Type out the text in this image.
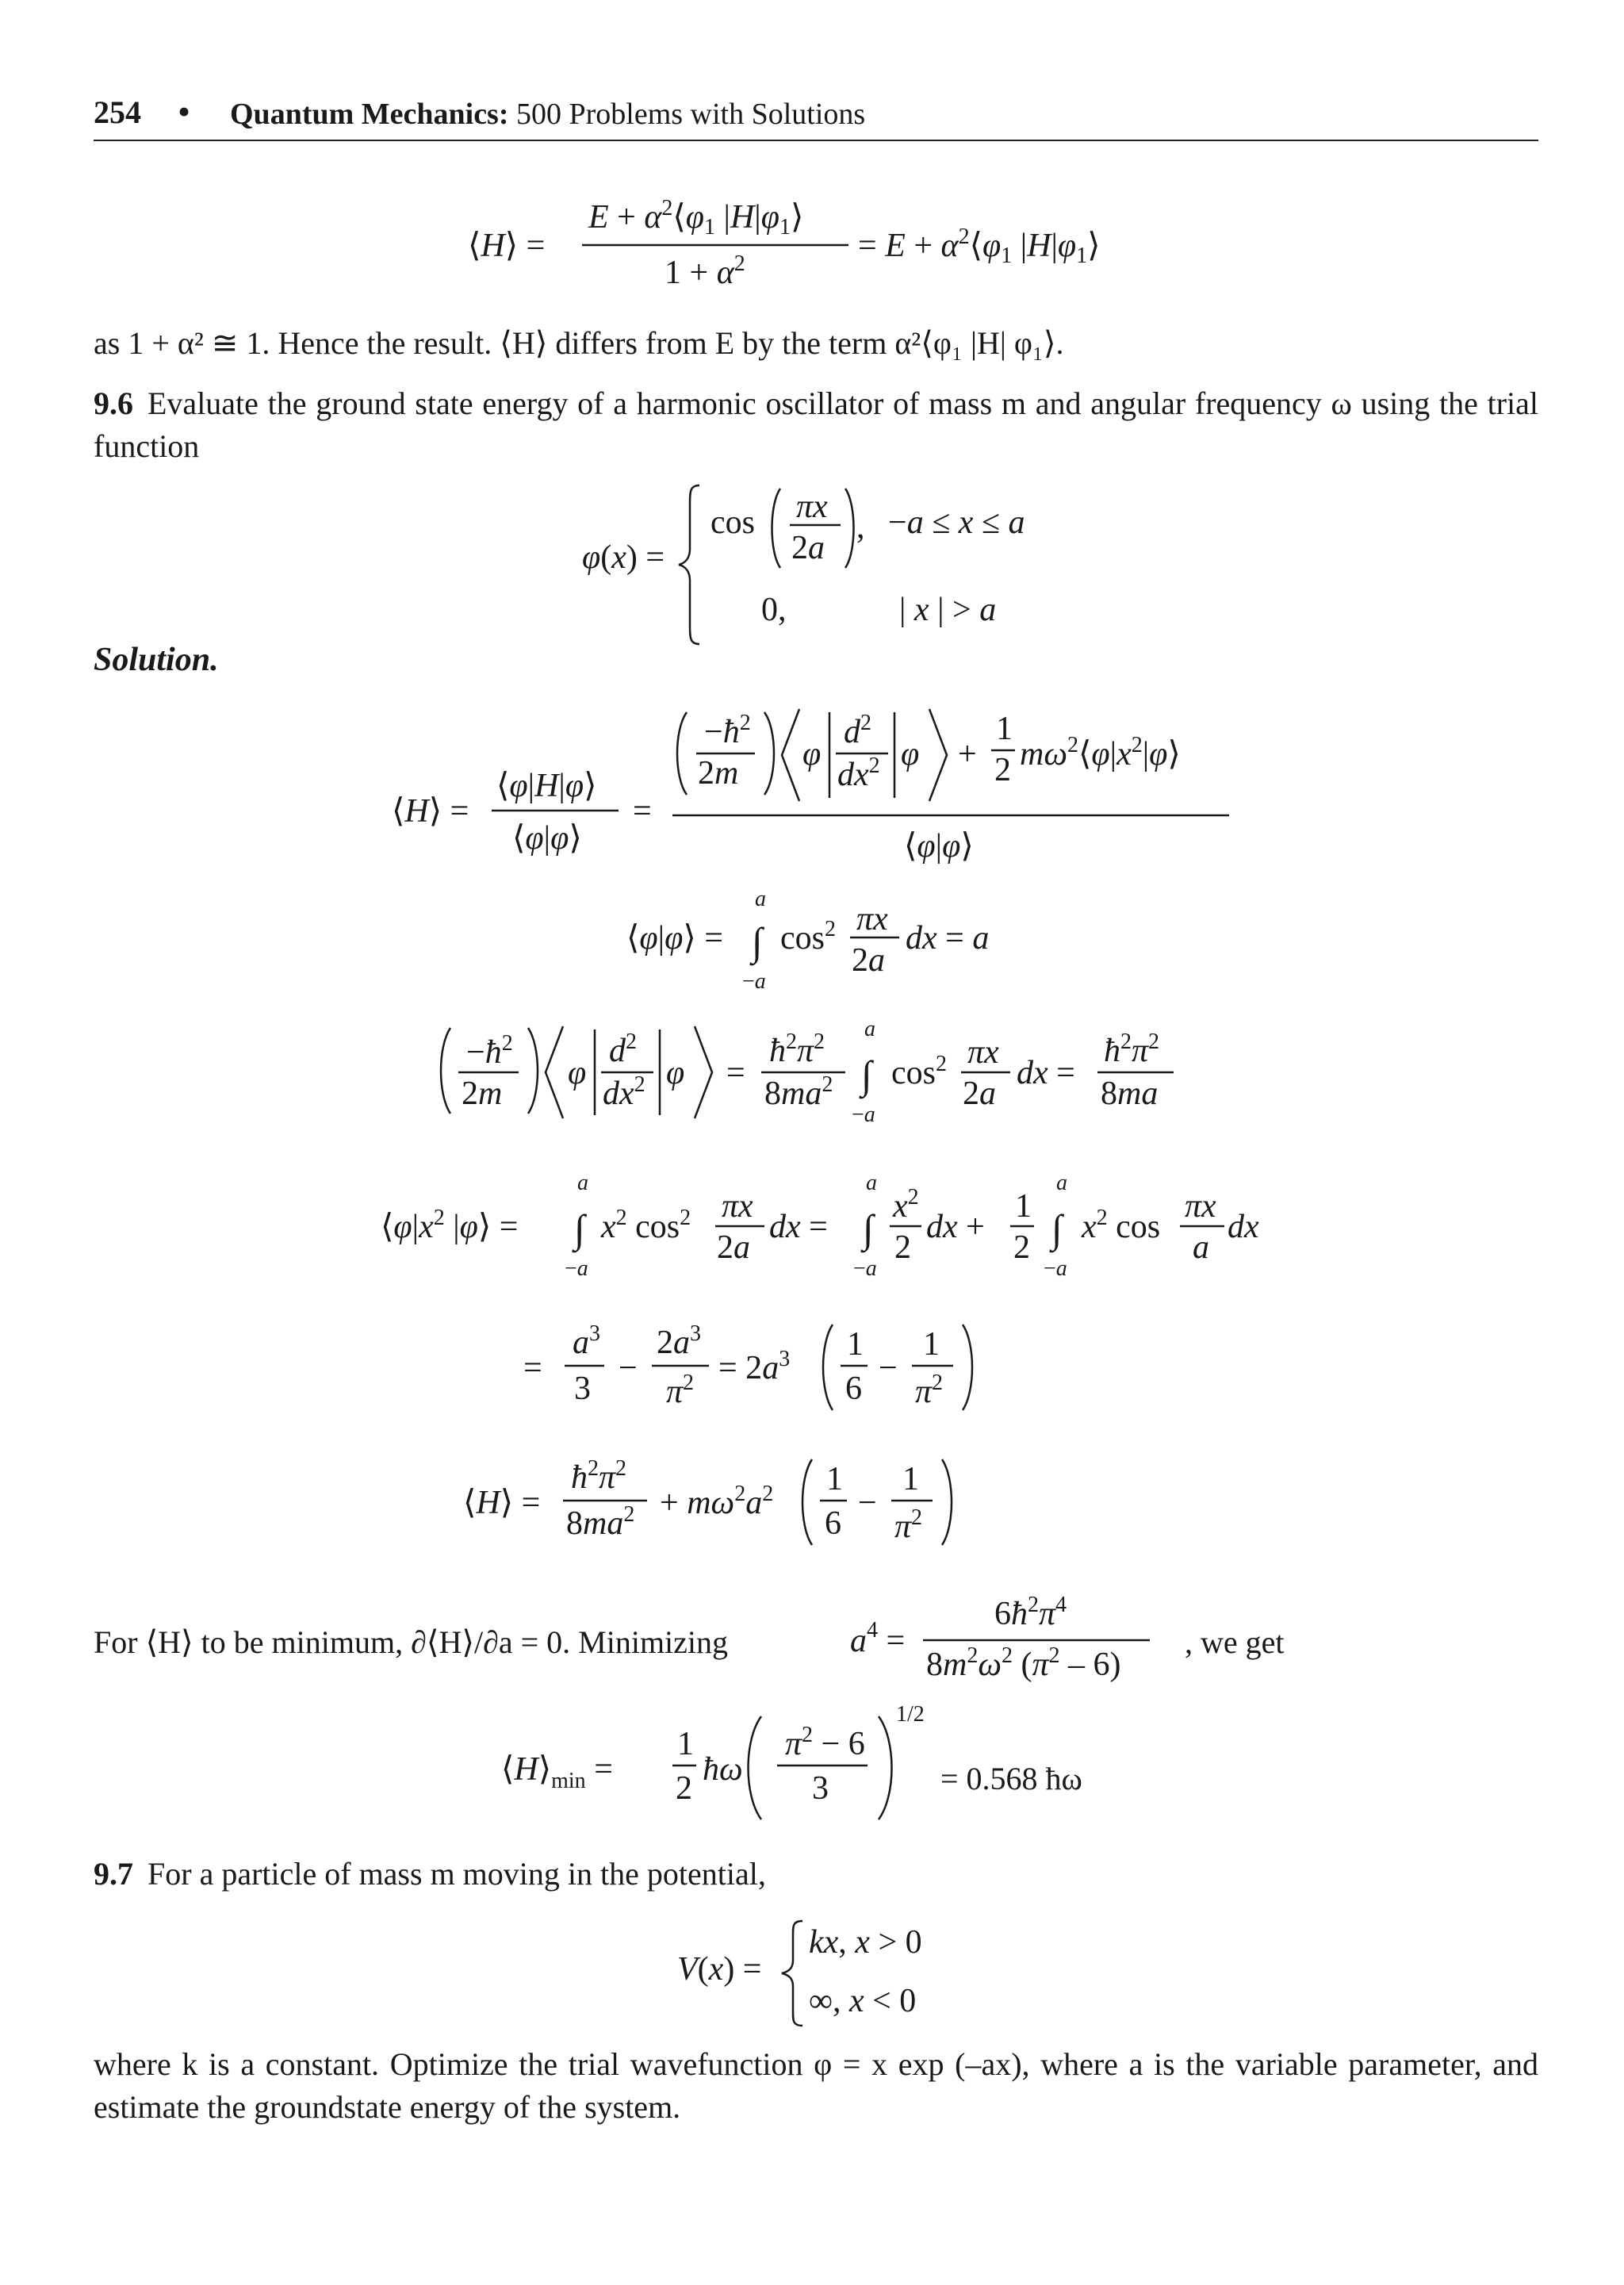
254 • Quantum Mechanics: 500 Problems with Solutions
⟨H⟩ =
$E + \alpha^2⟨\varphi 1$ |H|φ1⟩
$1 + \alpha^2$	= $E + \alpha^2⟨\varphi 1$ |H|φ1⟩

as 1 + α² ≅ 1. Hence the result. ⟨H⟩ differs from E by the term α²⟨φ₁ |H| φ₁⟩.

9.6 Evaluate the ground state energy of a harmonic oscillator of mass m and angular frequency ω using the trial function

φ(x) =
cos πx
2a
, −a ≤ x ≤ a
0,	| x | > a
Solution.
⟨H⟩ =
⟨φ|H|φ⟩
⟨φ|φ⟩
=
$-ħ^2$
2m
φ
$d^2$
$dx^2$ φ +
1
2 $m\omega^2⟨\varphi|x^2|\varphi⟩$
⟨φ|φ⟩
⟨φ|φ⟩ =
a
∫
−a
$\cos^2 \pi x$
2a
dx = a
$-ħ^2$
2m
φ
$d^2$
$dx^2$ φ =
$ħ^2\pi^2$
$8ma^2$
a
∫
−a
$\cos^2 \pi x$
2a
dx =
$ħ^2\pi^2$
8ma
$⟨\varphi|x^2$ |φ⟩ =
a
∫
−a
$x^2$ $\cos^2 \pi x$
2a
dx =
a
∫
−a
$x^2$
2
dx +
1
2
a
∫
−a
$x^2$ cos
πx
a
dx
=
$a^3$
3
−
$2a^3$
$\pi^2 = 2a^3$ 1
6
−
1
$\pi^2$
⟨H⟩ =
$ħ^2\pi^2$
$8ma^2 + m\omega^2a^2$ 1
6
−
1
$\pi^2$

For ⟨H⟩ to be minimum, ∂⟨H⟩/∂a = 0. Minimizing	$a^4$ =
$6ħ^2\pi^4$
$8m^2\omega^2$ $(\pi^2 - 6)$

, we get

$⟨H⟩_{min}$ =
1
2
ħω
$\pi^2 - 6$
3
1/2

= 0.568 ħω

9.7 For a particle of mass m moving in the potential,

V(x) =
kx, x > 0
∞, x < 0

where k is a constant. Optimize the trial wavefunction φ = x exp (–ax), where a is the variable parameter, and estimate the groundstate energy of the system.
